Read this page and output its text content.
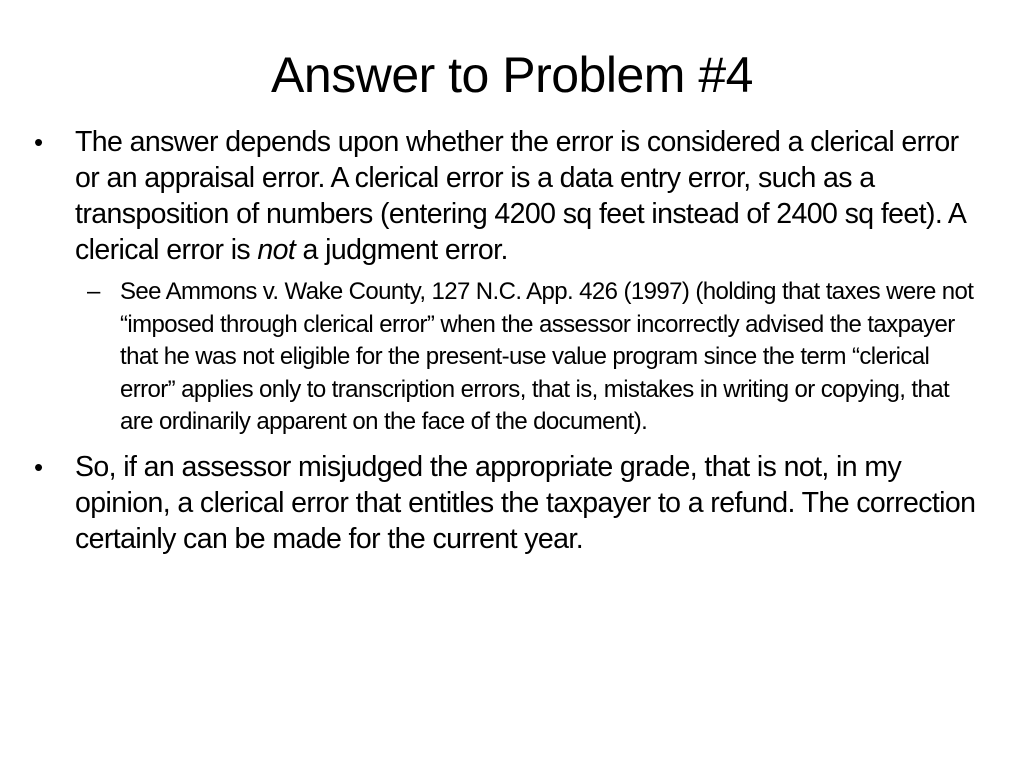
Answer to Problem #4
• The answer depends upon whether the error is considered a clerical error or an appraisal error. A clerical error is a data entry error, such as a transposition of numbers (entering 4200 sq feet instead of 2400 sq feet). A clerical error is not a judgment error.
– See Ammons v. Wake County, 127 N.C. App. 426 (1997) (holding that taxes were not “imposed through clerical error” when the assessor incorrectly advised the taxpayer that he was not eligible for the present-use value program since the term “clerical error” applies only to transcription errors, that is, mistakes in writing or copying, that are ordinarily apparent on the face of the document).
• So, if an assessor misjudged the appropriate grade, that is not, in my opinion, a clerical error that entitles the taxpayer to a refund. The correction certainly can be made for the current year.
